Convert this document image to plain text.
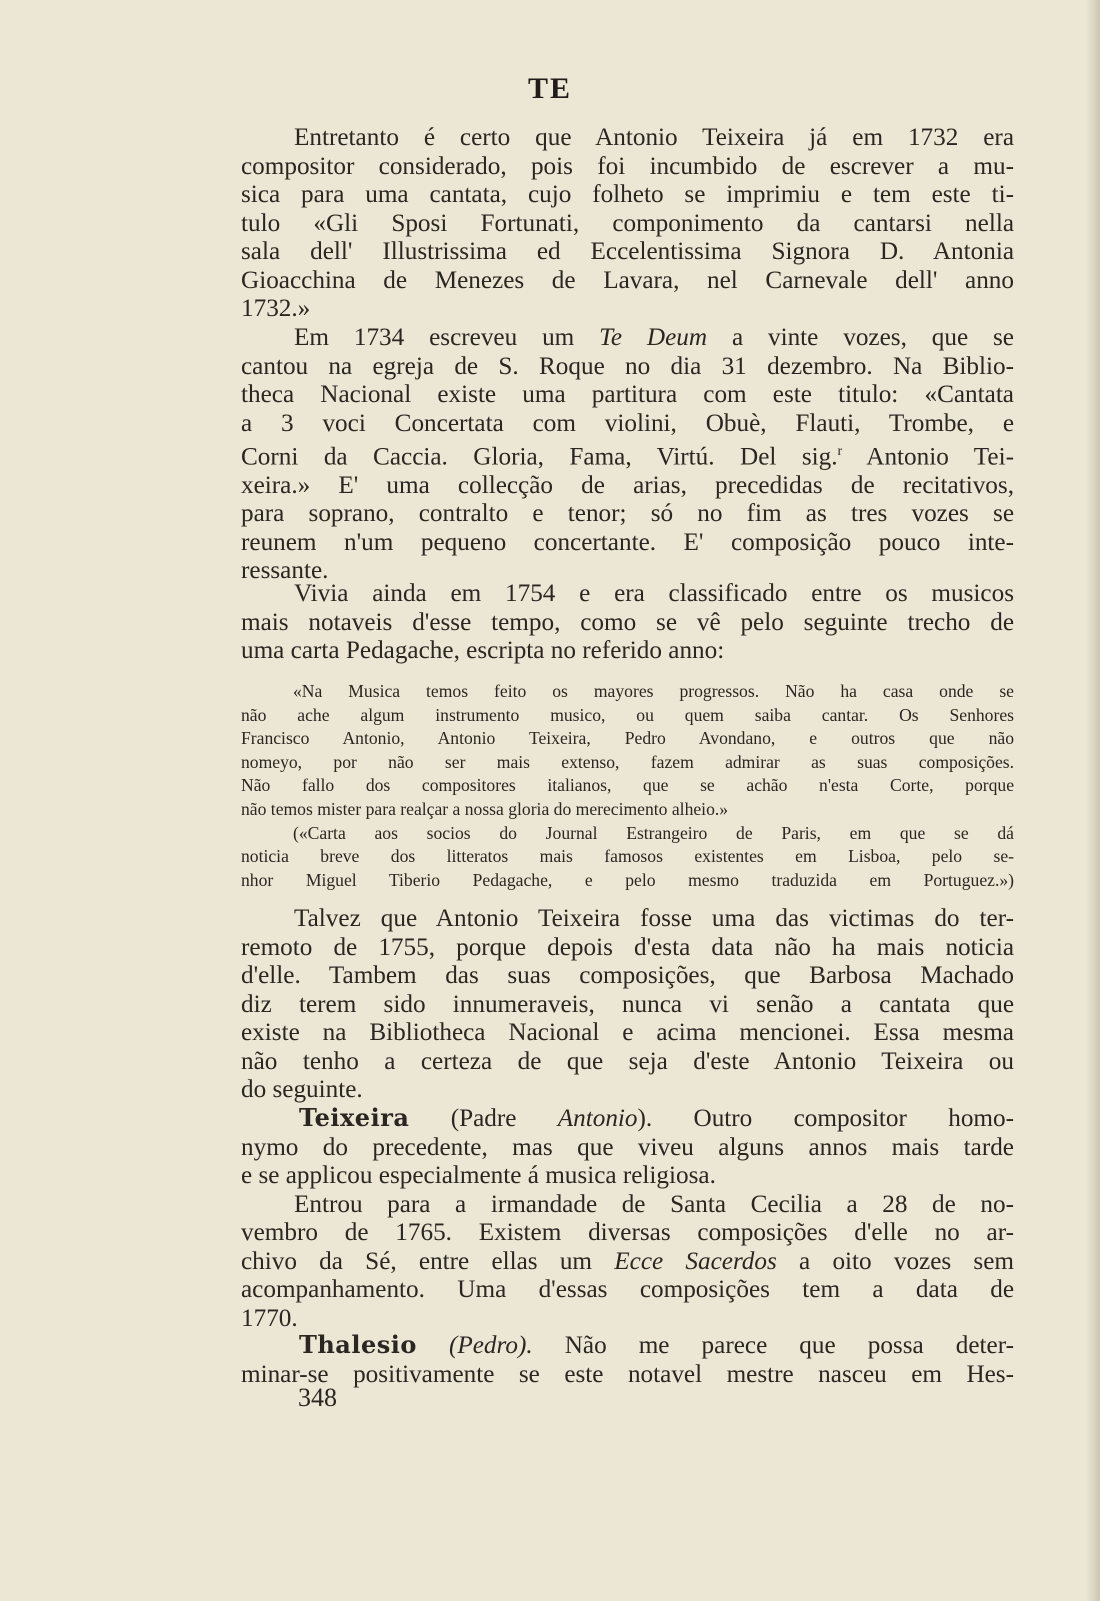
TE
Entretanto é certo que Antonio Teixeira já em 1732 era
compositor considerado, pois foi incumbido de escrever a mu-
sica para uma cantata, cujo folheto se imprimiu e tem este ti-
tulo «Gli Sposi Fortunati, componimento da cantarsi nella
sala dell' Illustrissima ed Eccelentissima Signora D. Antonia
Gioacchina de Menezes de Lavara, nel Carnevale dell' anno
1732.»
Em 1734 escreveu um Te Deum a vinte vozes, que se
cantou na egreja de S. Roque no dia 31 dezembro. Na Biblio-
theca Nacional existe uma partitura com este titulo: «Cantata
a 3 voci Concertata com violini, Obuè, Flauti, Trombe, e
Corni da Caccia. Gloria, Fama, Virtú. Del sig.$^r$ Antonio Tei-
xeira.» E' uma collecção de arias, precedidas de recitativos,
para soprano, contralto e tenor; só no fim as tres vozes se
reunem n'um pequeno concertante. E' composição pouco inte-
ressante.
Vivia ainda em 1754 e era classificado entre os musicos
mais notaveis d'esse tempo, como se vê pelo seguinte trecho de
uma carta Pedagache, escripta no referido anno:
«Na Musica temos feito os mayores progressos. Não ha casa onde se
não ache algum instrumento musico, ou quem saiba cantar. Os Senhores
Francisco Antonio, Antonio Teixeira, Pedro Avondano, e outros que não
nomeyo, por não ser mais extenso, fazem admirar as suas composições.
Não fallo dos compositores italianos, que se achão n'esta Corte, porque
não temos mister para realçar a nossa gloria do merecimento alheio.»
(«Carta aos socios do Journal Estrangeiro de Paris, em que se dá
noticia breve dos litteratos mais famosos existentes em Lisboa, pelo se-
nhor Miguel Tiberio Pedagache, e pelo mesmo traduzida em Portuguez.»)
Talvez que Antonio Teixeira fosse uma das victimas do ter-
remoto de 1755, porque depois d'esta data não ha mais noticia
d'elle. Tambem das suas composições, que Barbosa Machado
diz terem sido innumeraveis, nunca vi senão a cantata que
existe na Bibliotheca Nacional e acima mencionei. Essa mesma
não tenho a certeza de que seja d'este Antonio Teixeira ou
do seguinte.
Teixeira (Padre Antonio). Outro compositor homo-
nymo do precedente, mas que viveu alguns annos mais tarde
e se applicou especialmente á musica religiosa.
Entrou para a irmandade de Santa Cecilia a 28 de no-
vembro de 1765. Existem diversas composições d'elle no ar-
chivo da Sé, entre ellas um Ecce Sacerdos a oito vozes sem
acompanhamento. Uma d'essas composições tem a data de
1770.
Thalesio (Pedro). Não me parece que possa deter-
minar-se positivamente se este notavel mestre nasceu em Hes-
348
